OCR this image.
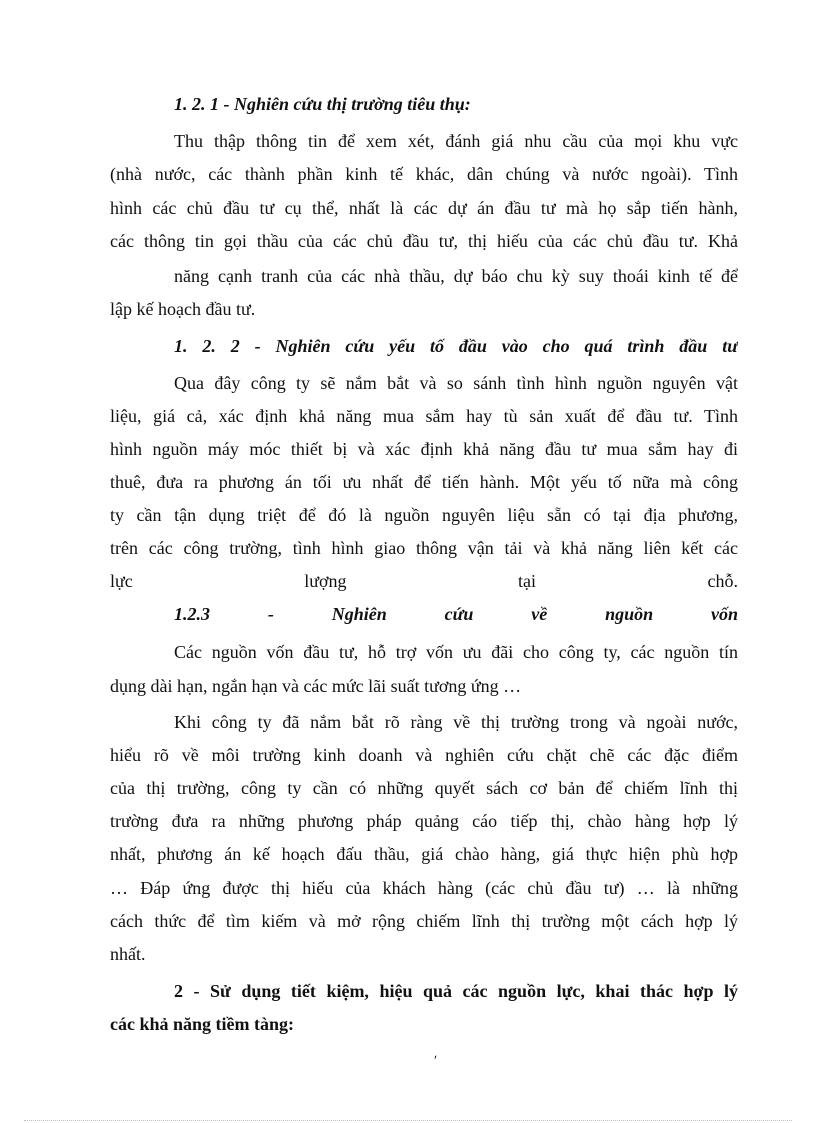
1. 2. 1 - Nghiên cứu thị trường tiêu thụ:
Thu thập thông tin để xem xét, đánh giá nhu cầu của mọi khu vực
(nhà nước, các thành phần kinh tế khác, dân chúng và nước ngoài). Tình
hình các chủ đầu tư cụ thể, nhất là các dự án đầu tư mà họ sắp tiến hành,
các thông tin gọi thầu của các chủ đầu tư, thị hiếu của các chủ đầu tư. Khả
năng cạnh tranh của các nhà thầu, dự báo chu kỳ suy thoái kinh tế để
lập kế hoạch đầu tư.
1. 2. 2 - Nghiên cứu yếu tố đầu vào cho quá trình đầu tư
Qua đây công ty sẽ nắm bắt và so sánh tình hình nguồn nguyên vật
liệu, giá cả, xác định khả năng mua sắm hay tù sản xuất để đầu tư. Tình
hình nguồn máy móc thiết bị và xác định khả năng đầu tư mua sắm hay đi
thuê, đưa ra phương án tối ưu nhất để tiến hành. Một yếu tố nữa mà công
ty cần tận dụng triệt để đó là nguồn nguyên liệu sẵn có tại địa phương,
trên các công trường, tình hình giao thông vận tải và khả năng liên kết các
lực lượng tại chỗ.
1.2.3 - Nghiên cứu về nguồn vốn
Các nguồn vốn đầu tư, hỗ trợ vốn ưu đãi cho công ty, các nguồn tín
dụng dài hạn, ngắn hạn và các mức lãi suất tương ứng …
Khi công ty đã nắm bắt rõ ràng về thị trường trong và ngoài nước,
hiểu rõ về môi trường kinh doanh và nghiên cứu chặt chẽ các đặc điểm
của thị trường, công ty cần có những quyết sách cơ bản để chiếm lĩnh thị
trường đưa ra những phương pháp quảng cáo tiếp thị, chào hàng hợp lý
nhất, phương án kế hoạch đấu thầu, giá chào hàng, giá thực hiện phù hợp
… Đáp ứng được thị hiếu của khách hàng (các chủ đầu tư) … là những
cách thức để tìm kiếm và mở rộng chiếm lĩnh thị trường một cách hợp lý
nhất.
2 - Sử dụng tiết kiệm, hiệu quả các nguồn lực, khai thác hợp lý
các khả năng tiềm tàng:
ʹ
